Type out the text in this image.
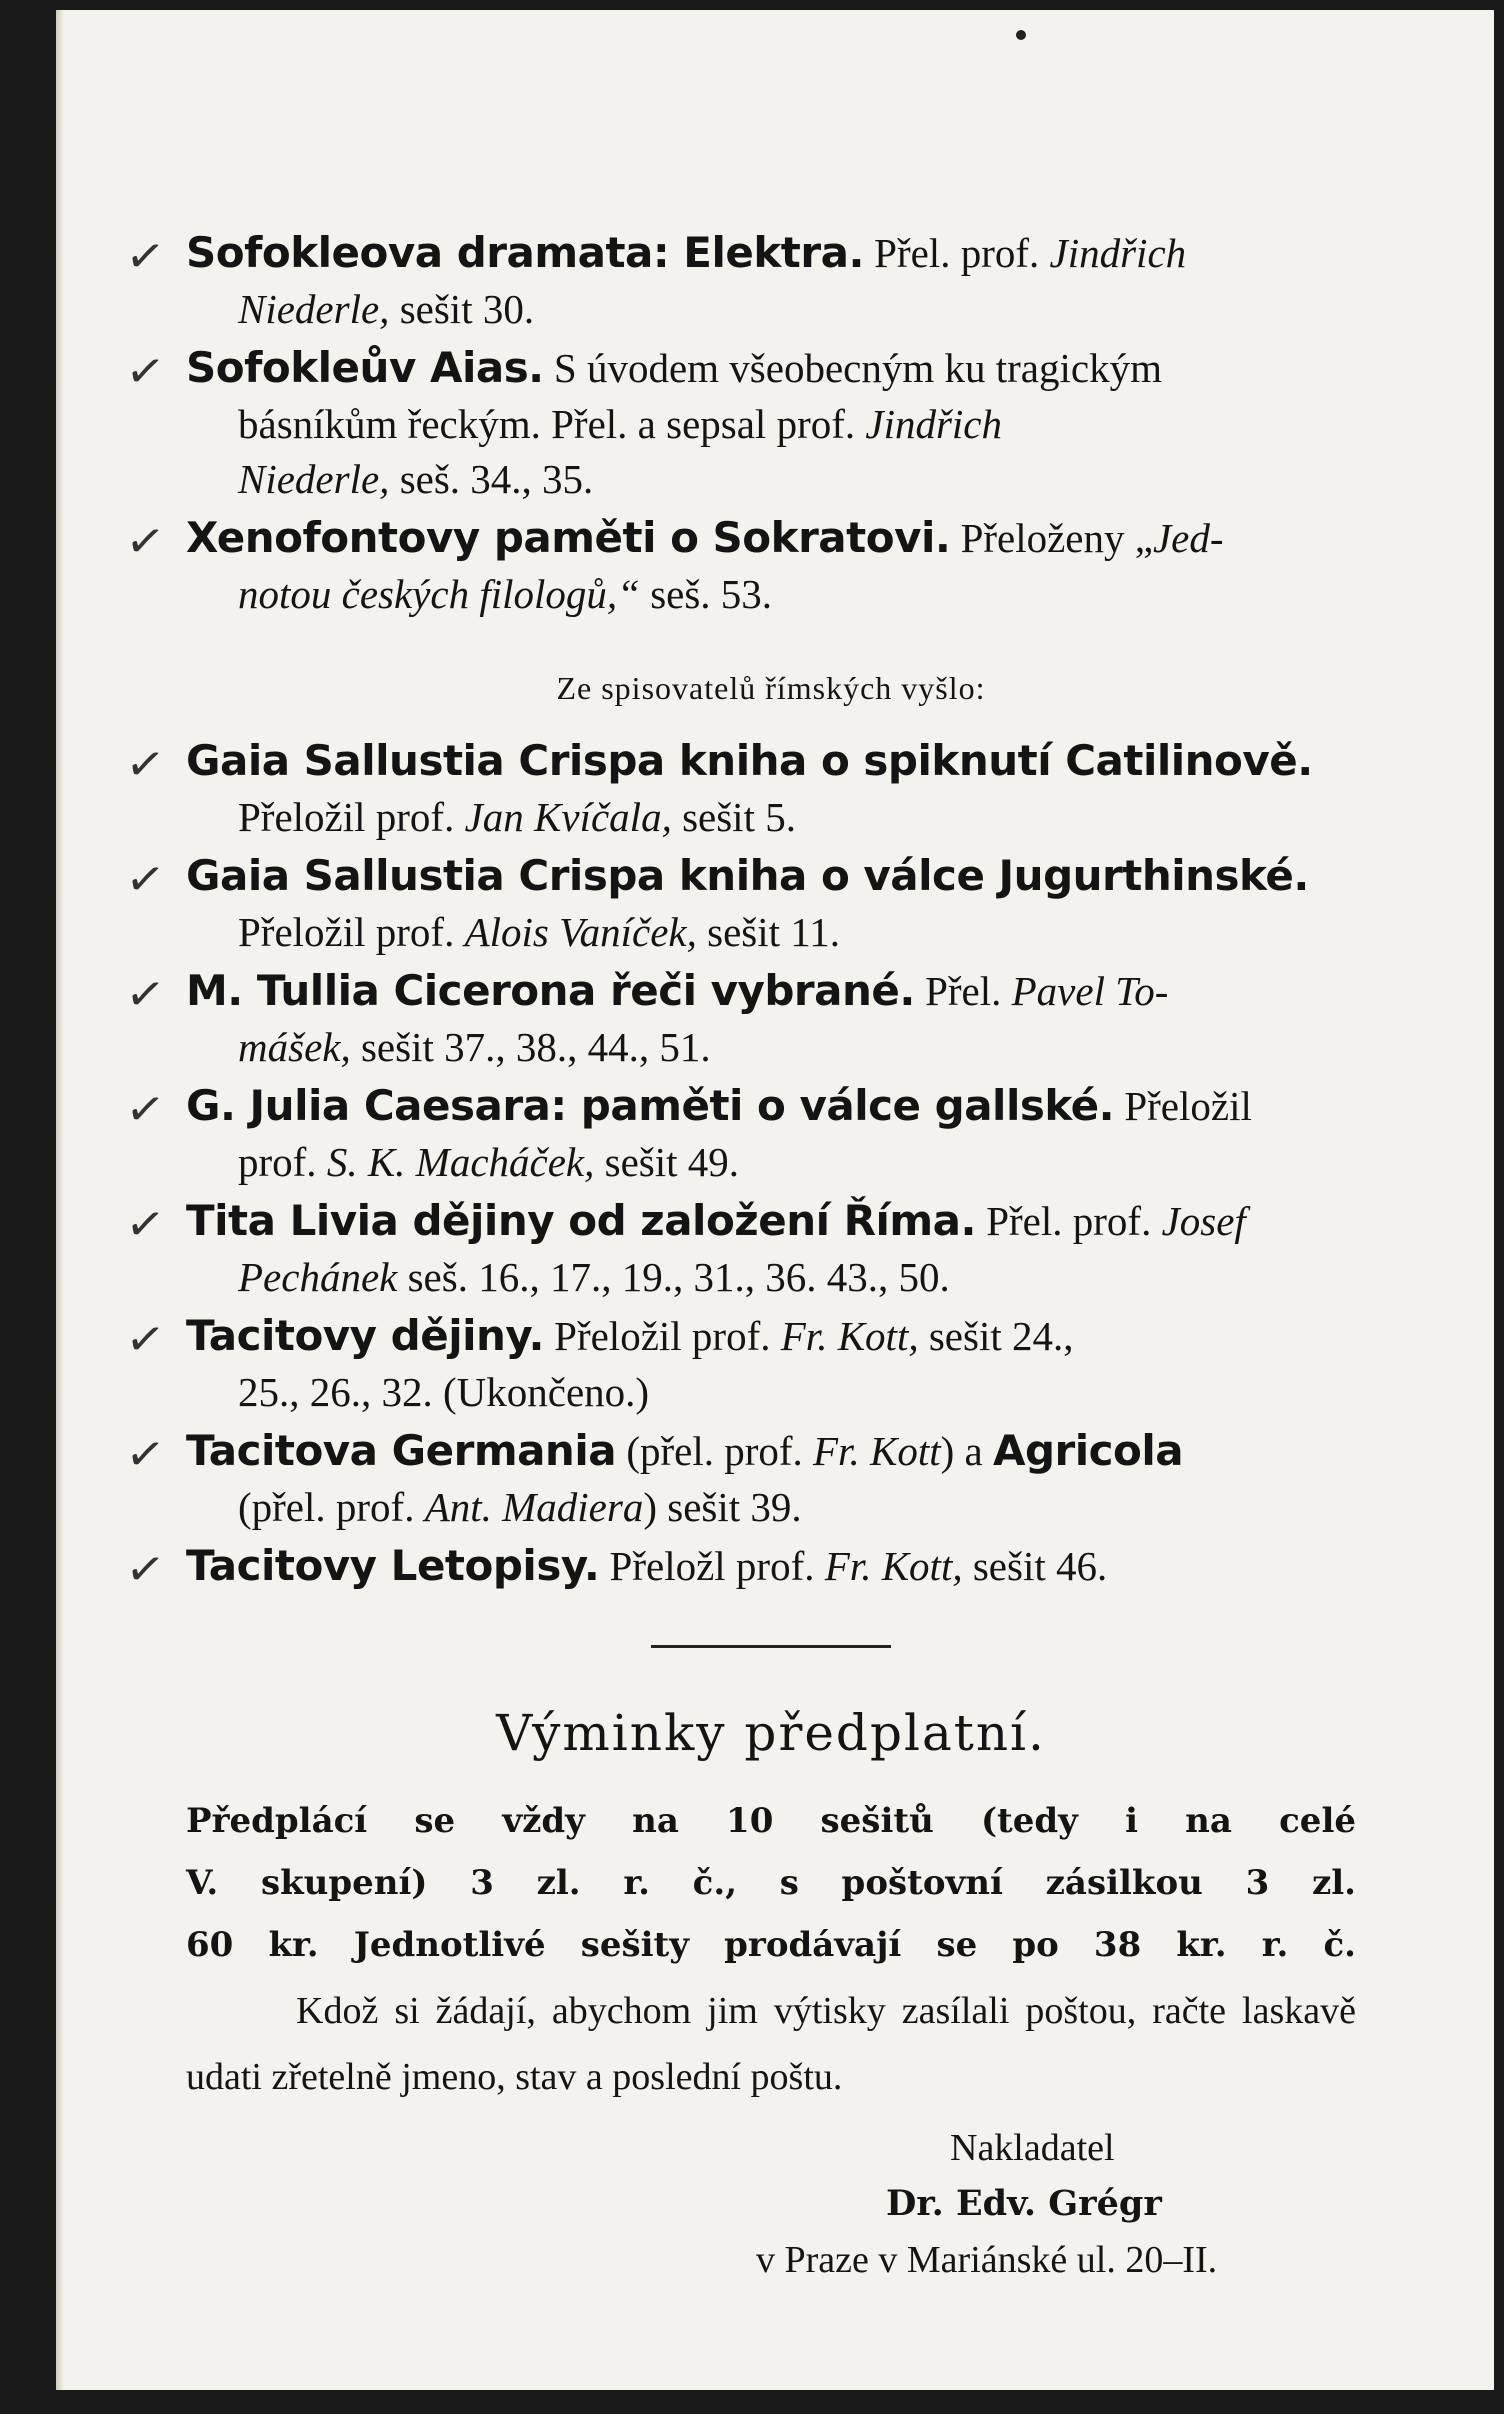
✓ Sofokleova dramata: Elektra. Přel. prof. Jindřich
Niederle, sešit 30.
✓ Sofokleův Aias. S úvodem všeobecným ku tragickým
básníkům řeckým. Přel. a sepsal prof. Jindřich
Niederle, seš. 34., 35.
✓ Xenofontovy paměti o Sokratovi. Přeloženy „Jed-
notou českých filologů,“ seš. 53.
Ze spisovatelů římských vyšlo:
✓ Gaia Sallustia Crispa kniha o spiknutí Catilinově.
Přeložil prof. Jan Kvíčala, sešit 5.
✓ Gaia Sallustia Crispa kniha o válce Jugurthinské.
Přeložil prof. Alois Vaníček, sešit 11.
✓ M. Tullia Cicerona řeči vybrané. Přel. Pavel To-
mášek, sešit 37., 38., 44., 51.
✓ G. Julia Caesara: paměti o válce gallské. Přeložil
prof. S. K. Macháček, sešit 49.
✓ Tita Livia dějiny od založení Říma. Přel. prof. Josef
Pechánek seš. 16., 17., 19., 31., 36. 43., 50.
✓ Tacitovy dějiny. Přeložil prof. Fr. Kott, sešit 24.,
25., 26., 32. (Ukončeno.)
✓ Tacitova Germania (přel. prof. Fr. Kott) a Agricola
(přel. prof. Ant. Madiera) sešit 39.
✓ Tacitovy Letopisy. Přeložl prof. Fr. Kott, sešit 46.
Výminky předplatní.
Předplácí se vždy na 10 sešitů (tedy i na celé
V. skupení) 3 zl. r. č., s poštovní zásilkou 3 zl.
60 kr. Jednotlivé sešity prodávají se po 38 kr. r. č.
Kdož si žádají, abychom jim výtisky zasílali poštou, račte laskavě udati zřetelně jmeno, stav a poslední poštu.
Nakladatel
Dr. Edv. Grégr
v Praze v Mariánské ul. 20–II.
